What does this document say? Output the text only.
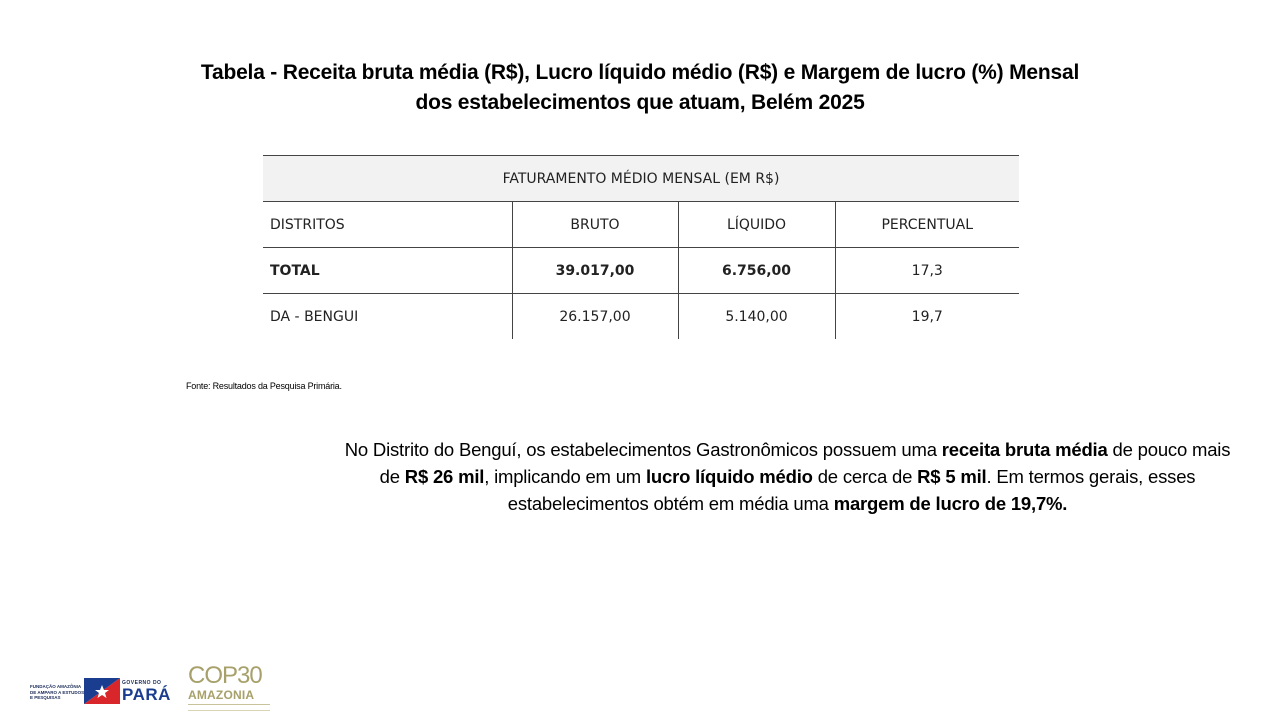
Tabela - Receita bruta média (R$), Lucro líquido médio (R$) e Margem de lucro (%) Mensal
dos estabelecimentos que atuam, Belém 2025
FATURAMENTO MÉDIO MENSAL (EM R$)			
DISTRITOS	BRUTO	LÍQUIDO	PERCENTUAL
TOTAL	39.017,00	6.756,00	17,3
DA - BENGUI	26.157,00	5.140,00	19,7
Fonte: Resultados da Pesquisa Primária.
No Distrito do Benguí, os estabelecimentos Gastronômicos possuem uma receita bruta média de pouco mais de R$ 26 mil, implicando em um lucro líquido médio de cerca de R$ 5 mil. Em termos gerais, esses estabelecimentos obtém em média uma margem de lucro de 19,7%.
FUNDAÇÃO AMAZÔNIA DE AMPARO A ESTUDOS E PESQUISAS
GOVERNO DO
PARÁ
COP30
AMAZONIA
